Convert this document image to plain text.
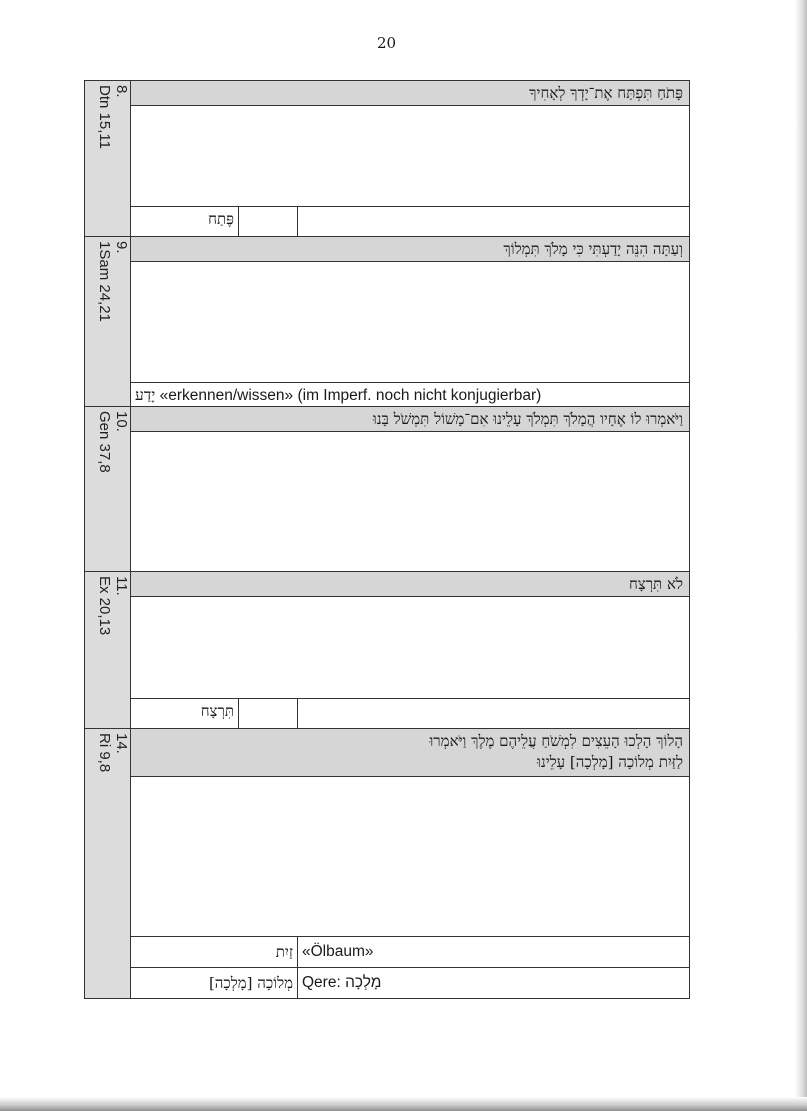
20
8.
Dtn 15,11
פָּתֹחַ תִּפְתַּח אֶת־יָדְךָ לְאָחִיךָ
פֶּתַח
9.
1Sam 24,21
וְעַתָּה הִנֵּה יָדַעְתִּי כִּי מָלֹךְ תִּמְלוֹךְ
יָדַע «erkennen/wissen» (im Imperf. noch nicht konjugierbar)
10.
Gen 37,8
וַיֹּאמְרוּ לוֹ אֶחָיו הֲמָלֹךְ תִּמְלֹךְ עָלֵינוּ אִם־מָשׁוֹל תִּמְשֹׁל בָּנוּ
11.
Ex 20,13
לֹא תִּרְצָח
תִּרְצָח
14.
Ri 9,8
הָלוֹךְ הָלְכוּ הָעֵצִים לִמְשֹׁחַ עֲלֵיהֶם מֶלֶךְ וַיֹּאמְרוּ
לַזַּיִת מְלוֹכָה [מָלְכָה] עָלֵינוּ
זַיִת «Ölbaum»
מְלוֹכָה [מָלְכָה] Qere: מָלְכָה
